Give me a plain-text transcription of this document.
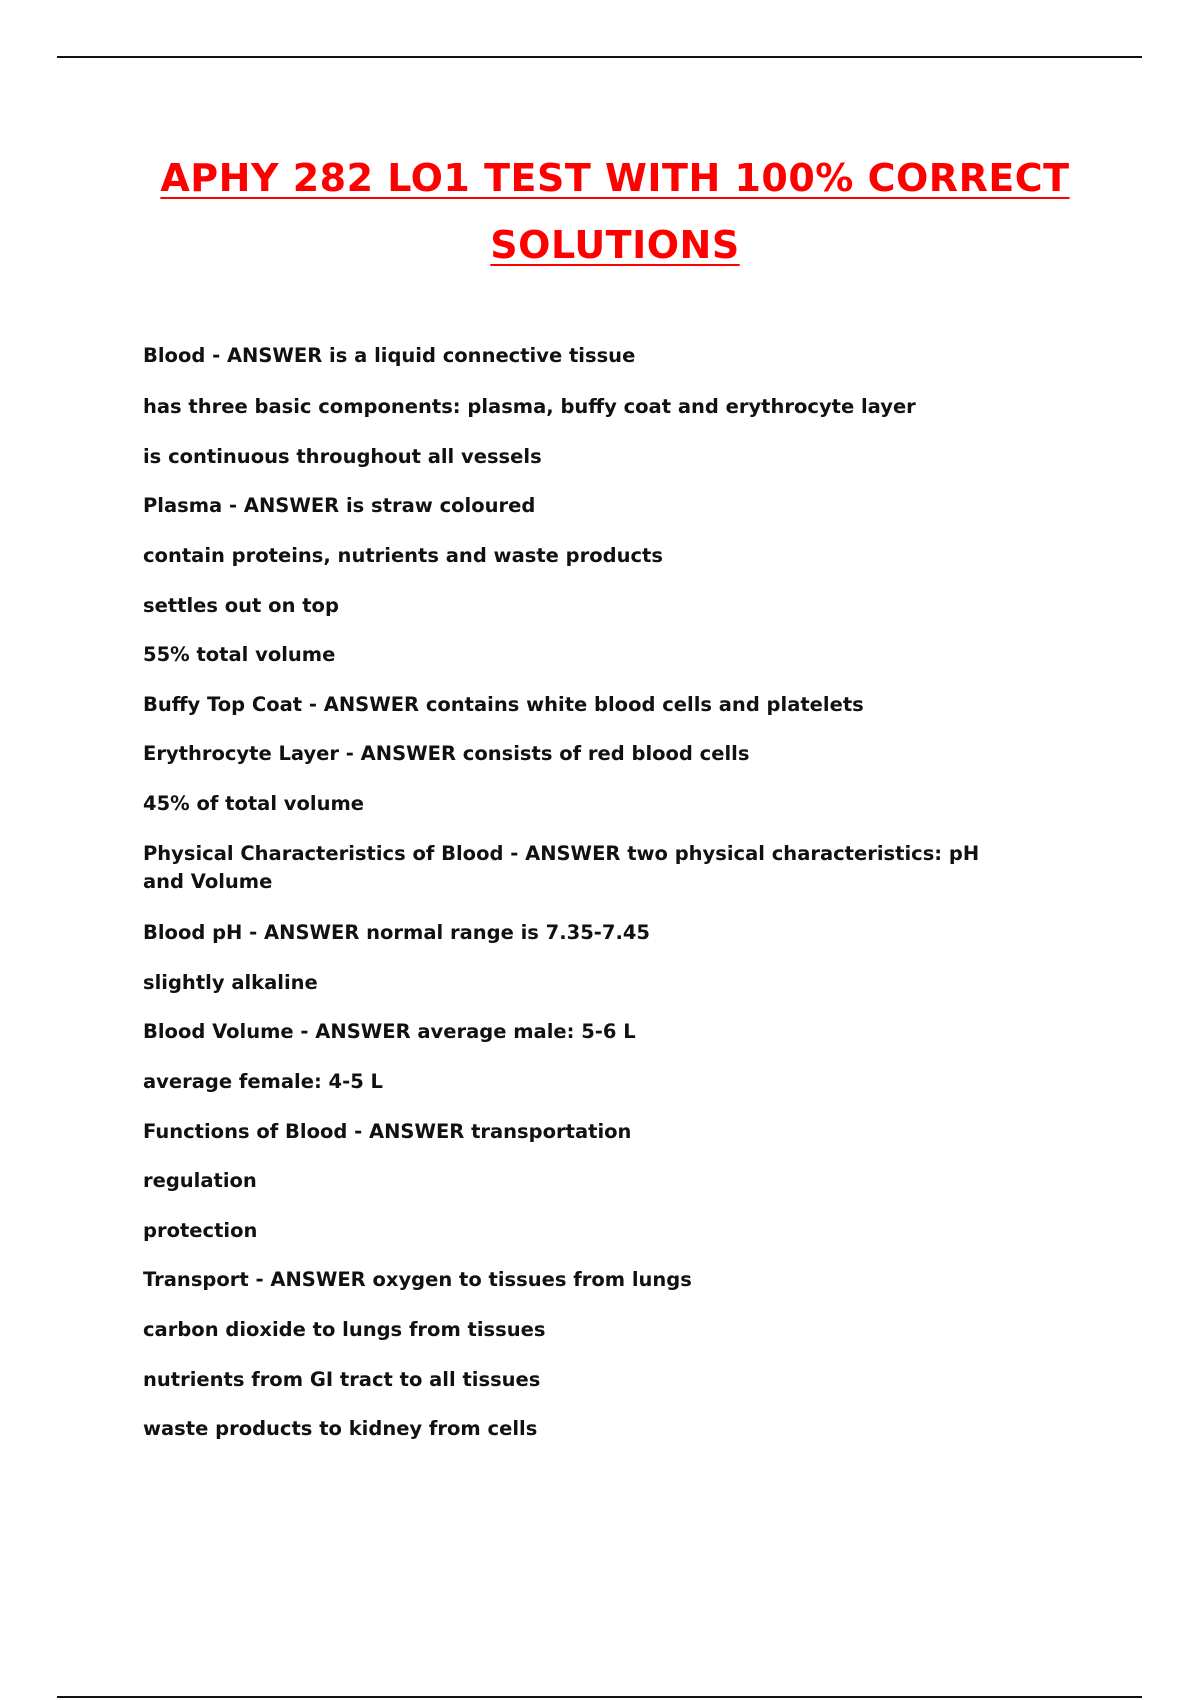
APHY 282 LO1 TEST WITH 100% CORRECT SOLUTIONS
Blood - ANSWER is a liquid connective tissue
has three basic components: plasma, buffy coat and erythrocyte layer
is continuous throughout all vessels
Plasma - ANSWER is straw coloured
contain proteins, nutrients and waste products
settles out on top
55% total volume
Buffy Top Coat - ANSWER contains white blood cells and platelets
Erythrocyte Layer - ANSWER consists of red blood cells
45% of total volume
Physical Characteristics of Blood - ANSWER two physical characteristics: pH and Volume
Blood pH - ANSWER normal range is 7.35-7.45
slightly alkaline
Blood Volume - ANSWER average male: 5-6 L
average female: 4-5 L
Functions of Blood - ANSWER transportation
regulation
protection
Transport - ANSWER oxygen to tissues from lungs
carbon dioxide to lungs from tissues
nutrients from GI tract to all tissues
waste products to kidney from cells
